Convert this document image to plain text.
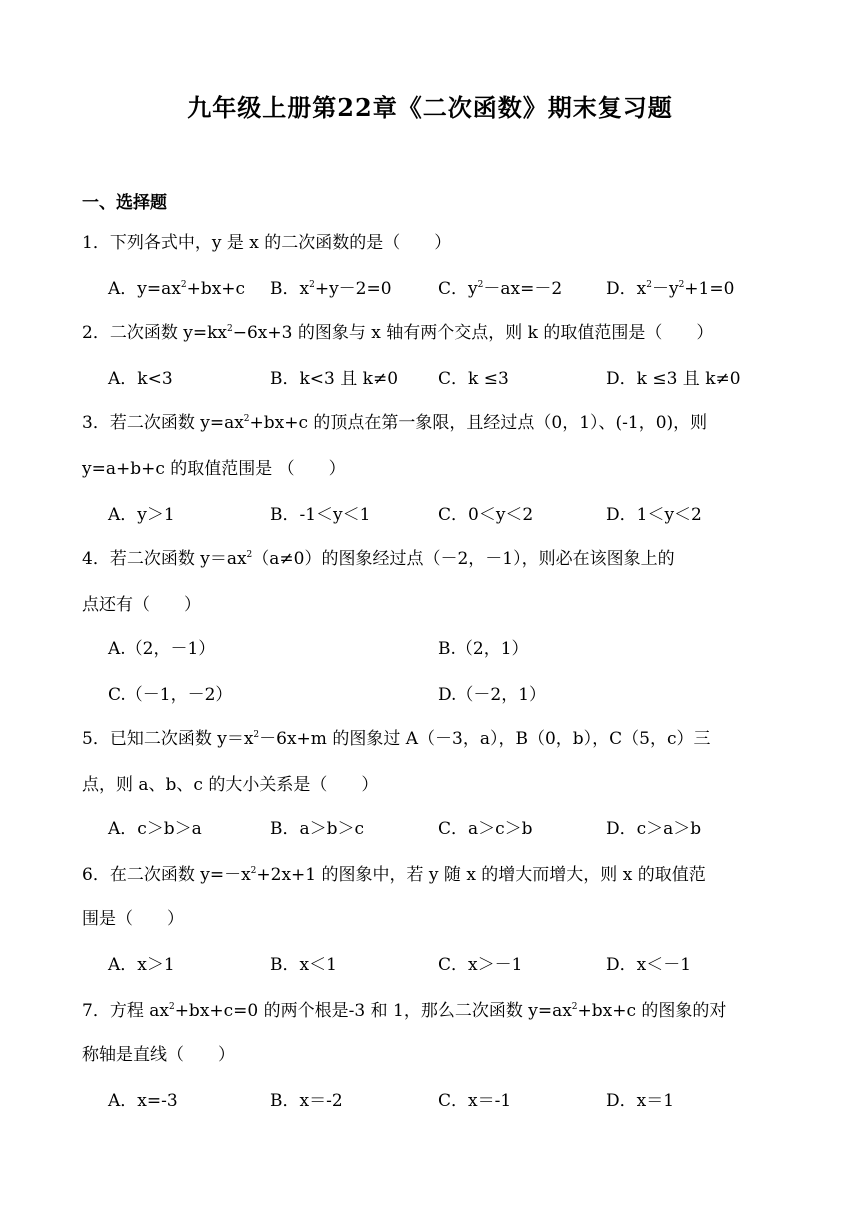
九年级上册第22章《二次函数》期末复习题
一、选择题
1．下列各式中，y 是 x 的二次函数的是（　　）
A．$y=ax^2+bx+c$ B．$x^2+y-2=0$	C．$y^2-ax=-2$	D．$x^2-y^2+1=0$
2．二次函数 $y=kx^2-6x+3$ 的图象与 x 轴有两个交点，则 k 的取值范围是（　　）
A．k<3	B．k<3 且 k≠0 C．k ≤3	D．k ≤3 且 k≠0
3．若二次函数 $y=ax^2+bx+c$ 的顶点在第一象限，且经过点（0，1）、(-1，0)，则
y=a+b+c 的取值范围是 （　　）
A．y＞1	B．-1＜y＜1	C．0＜y＜2	D．1＜y＜2
4．若二次函数 $y=ax^2(a\ne 0)$的图象经过点（－2，－1），则必在该图象上的
点还有（　　）
A.（2，－1）	B.（2，1）
C.（－1，－2）	D.（－2，1）
5．已知二次函数 $y=x^2-6x+m$ 的图象过 A（－3，a），B（0，b），C（5，c）三
点，则 a、b、c 的大小关系是（　　）
A．c＞b＞a	B．a＞b＞c	C．a＞c＞b	D．c＞a＞b
6．在二次函数 $y=-x^2+2x+1$ 的图象中，若 y 随 x 的增大而增大，则 x 的取值范
围是（　　）
A．x＞1	B．x＜1	C．x＞－1	D．x＜－1
7．方程 $ax^2+bx+c=0$ 的两个根是-3 和 1，那么二次函数 $y=ax^2+bx+c$ 的图象的对
称轴是直线（　　）
A．x=-3	B．x＝-2	C．x＝-1	D．x＝1
